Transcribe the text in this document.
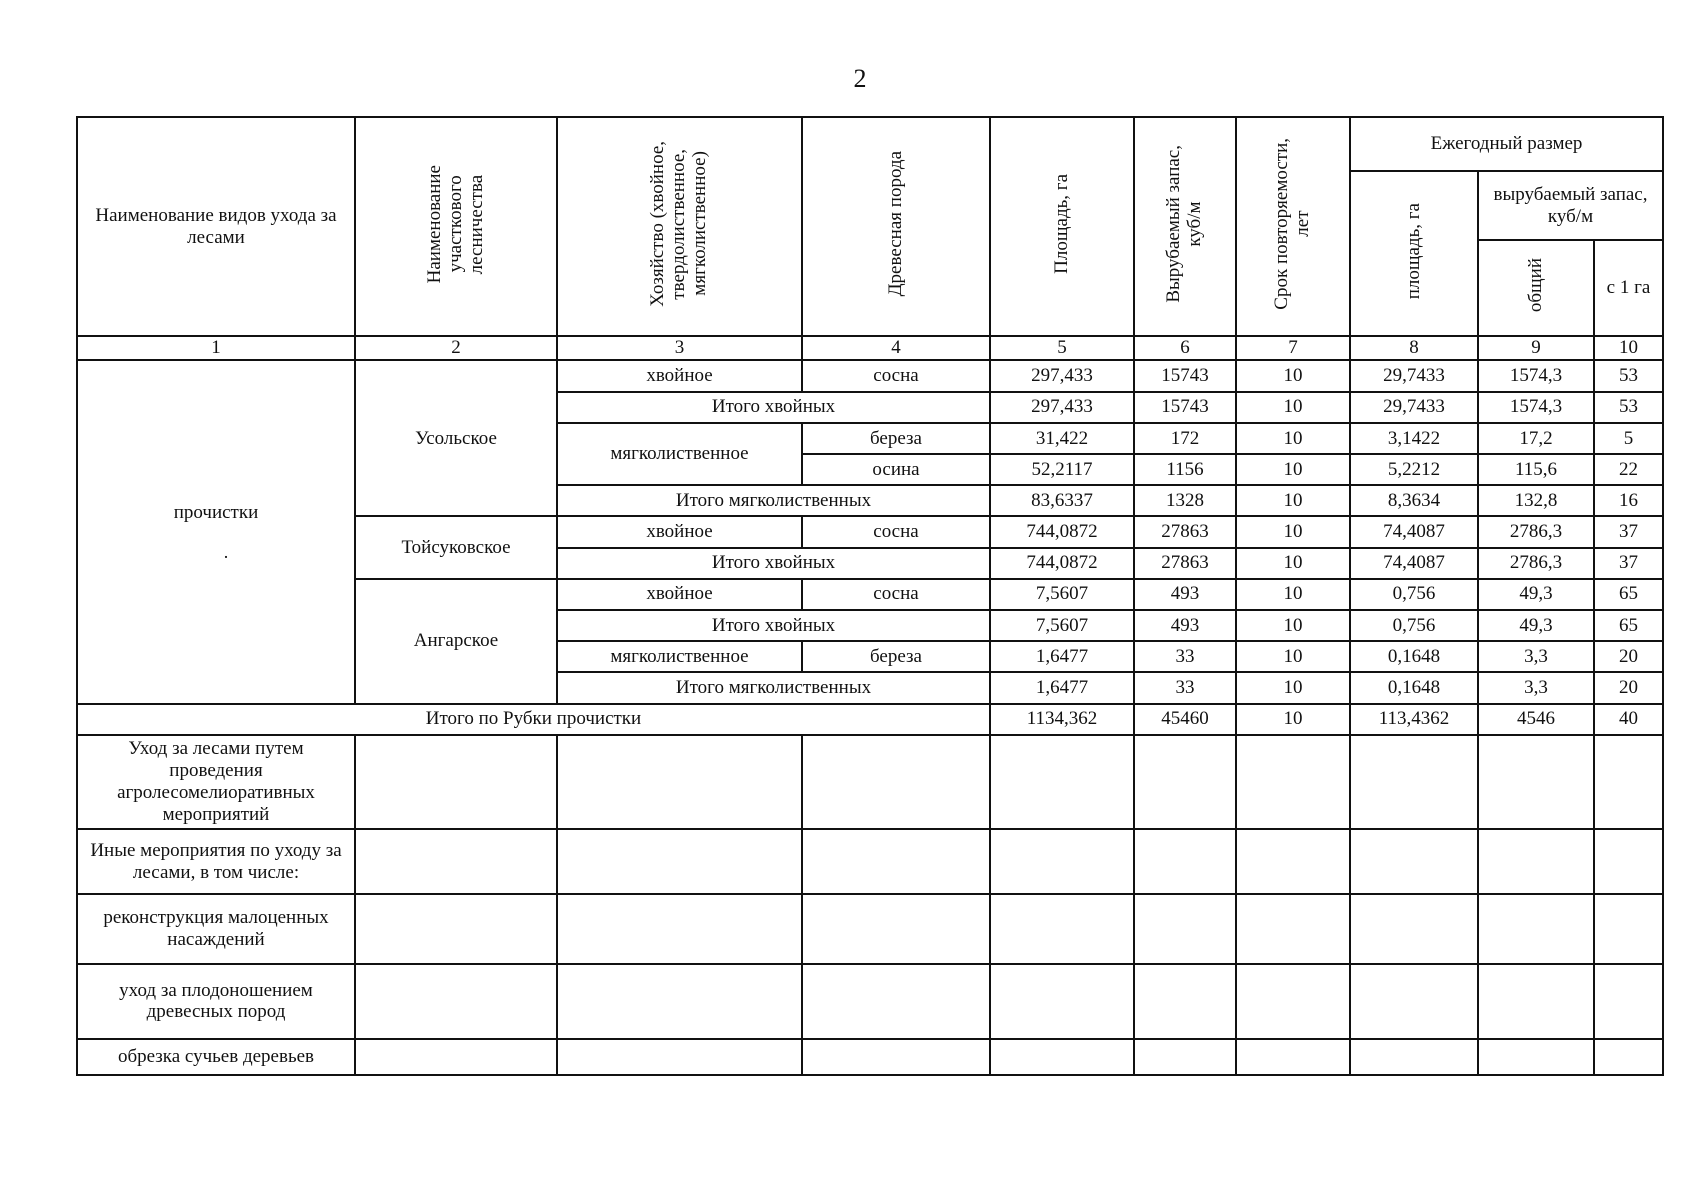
2
Наименование видов ухода за лесами	Наименование
участкового
лесничества	Хозяйство (хвойное,
твердолиственное,
мягколиственное)	Древесная порода	Площадь, га	Вырубаемый запас,
куб/м	Срок повторяемости,
лет	Ежегодный размер		
							площадь, га	вырубаемый запас, куб/м	
								общий	с 1 га
1	2	3	4	5	6	7	8	9	10
прочистки
.	Усольское	хвойное	сосна	297,433	15743	10	29,7433	1574,3	53
		Итого хвойных		297,433	15743	10	29,7433	1574,3	53
		мягколиственное	береза	31,422	172	10	3,1422	17,2	5
			осина	52,2117	1156	10	5,2212	115,6	22
		Итого мягколиственных		83,6337	1328	10	8,3634	132,8	16
	Тойсуковское	хвойное	сосна	744,0872	27863	10	74,4087	2786,3	37
		Итого хвойных		744,0872	27863	10	74,4087	2786,3	37
	Ангарское	хвойное	сосна	7,5607	493	10	0,756	49,3	65
		Итого хвойных		7,5607	493	10	0,756	49,3	65
		мягколиственное	береза	1,6477	33	10	0,1648	3,3	20
		Итого мягколиственных		1,6477	33	10	0,1648	3,3	20
Итого по Рубки прочистки				1134,362	45460	10	113,4362	4546	40
Уход за лесами путем проведения агролесомелиоративных мероприятий									
Иные мероприятия по уходу за лесами, в том числе:									
реконструкция малоценных насаждений									
уход за плодоношением древесных пород									
обрезка сучьев деревьев									
